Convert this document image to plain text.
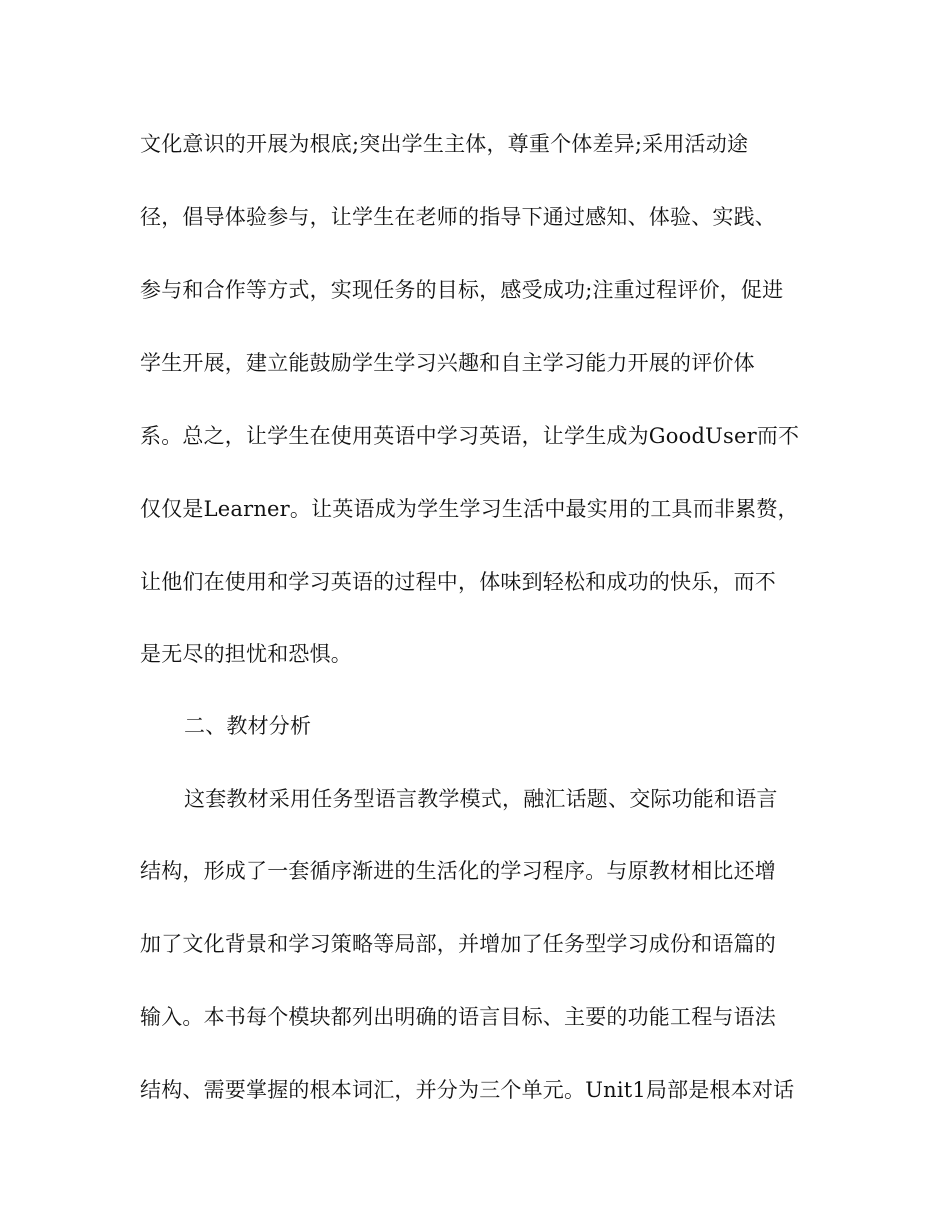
文化意识的开展为根底;突出学生主体，尊重个体差异;采用活动途
径，倡导体验参与，让学生在老师的指导下通过感知、体验、实践、
参与和合作等方式，实现任务的目标，感受成功;注重过程评价，促进
学生开展，建立能鼓励学生学习兴趣和自主学习能力开展的评价体
系。总之，让学生在使用英语中学习英语，让学生成为GoodUser而不
仅仅是Learner。让英语成为学生学习生活中最实用的工具而非累赘，
让他们在使用和学习英语的过程中，体味到轻松和成功的快乐，而不
是无尽的担忧和恐惧。
二、教材分析
这套教材采用任务型语言教学模式，融汇话题、交际功能和语言
结构，形成了一套循序渐进的生活化的学习程序。与原教材相比还增
加了文化背景和学习策略等局部，并增加了任务型学习成份和语篇的
输入。本书每个模块都列出明确的语言目标、主要的功能工程与语法
结构、需要掌握的根本词汇，并分为三个单元。Unit1局部是根本对话
